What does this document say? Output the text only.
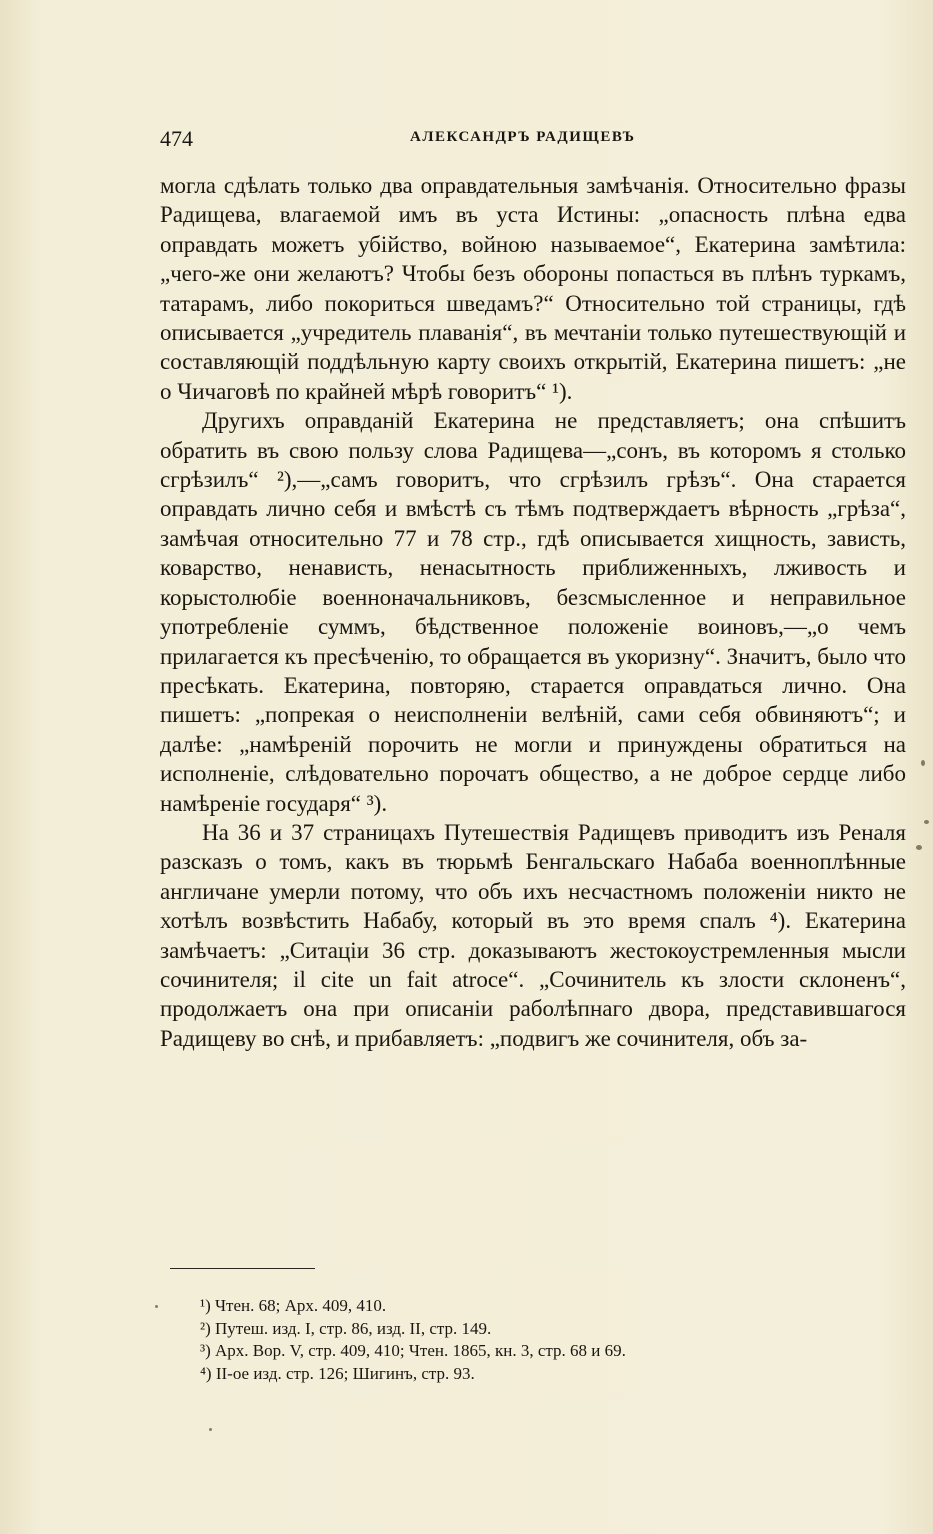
474	АЛЕКСАНДРЪ РАДИЩЕВЪ

могла сдѣлать только два оправдательныя замѣчанія. Относительно фразы Радищева, влагаемой имъ въ уста Истины: „опасность плѣна едва оправдать можетъ убійство, войною называемое“, Екатерина замѣтила: „чего-же они желаютъ? Чтобы безъ обороны попасться въ плѣнъ туркамъ, татарамъ, либо покориться шведамъ?“ Относительно той страницы, гдѣ описывается „учредитель плаванія“, въ мечтаніи только путешествующій и составляющій поддѣльную карту своихъ открытій, Екатерина пишетъ: „не о Чичаговѣ по крайней мѣрѣ говоритъ“ ¹).

Другихъ оправданій Екатерина не представляетъ; она спѣшитъ обратить въ свою пользу слова Радищева—„сонъ, въ которомъ я столько сгрѣзилъ“ ²),—„самъ говоритъ, что сгрѣзилъ грѣзъ“. Она старается оправдать лично себя и вмѣстѣ съ тѣмъ подтверждаетъ вѣрность „грѣза“, замѣчая относительно 77 и 78 стр., гдѣ описывается хищность, зависть, коварство, ненависть, ненасытность приближенныхъ, лживость и корыстолюбіе военноначальниковъ, безсмысленное и неправильное употребленіе суммъ, бѣдственное положеніе воиновъ,—„о чемъ прилагается къ пресѣченію, то обращается въ укоризну“. Значитъ, было что пресѣкать. Екатерина, повторяю, старается оправдаться лично. Она пишетъ: „попрекая о неисполненіи велѣній, сами себя обвиняютъ“; и далѣе: „намѣреній порочить не могли и принуждены обратиться на исполненіе, слѣдовательно порочатъ общество, а не доброе сердце либо намѣреніе государя“ ³).

На 36 и 37 страницахъ Путешествія Радищевъ приводитъ изъ Реналя разсказъ о томъ, какъ въ тюрьмѣ Бенгальскаго Набаба военноплѣнные англичане умерли потому, что объ ихъ несчастномъ положеніи никто не хотѣлъ возвѣстить Набабу, который въ это время спалъ ⁴). Екатерина замѣчаетъ: „Ситаціи 36 стр. доказываютъ жестокоустремленныя мысли сочинителя; il cite un fait atroce“. „Сочинитель къ злости склоненъ“, продолжаетъ она при описаніи раболѣпнаго двора, представившагося Радищеву во снѣ, и прибавляетъ: „подвигъ же сочинителя, объ за-

¹) Чтен. 68; Арх. 409, 410.
²) Путеш. изд. I, стр. 86, изд. II, стр. 149.
³) Арх. Вор. V, стр. 409, 410; Чтен. 1865, кн. 3, стр. 68 и 69.
⁴) II-ое изд. стр. 126; Шигинъ, стр. 93.
